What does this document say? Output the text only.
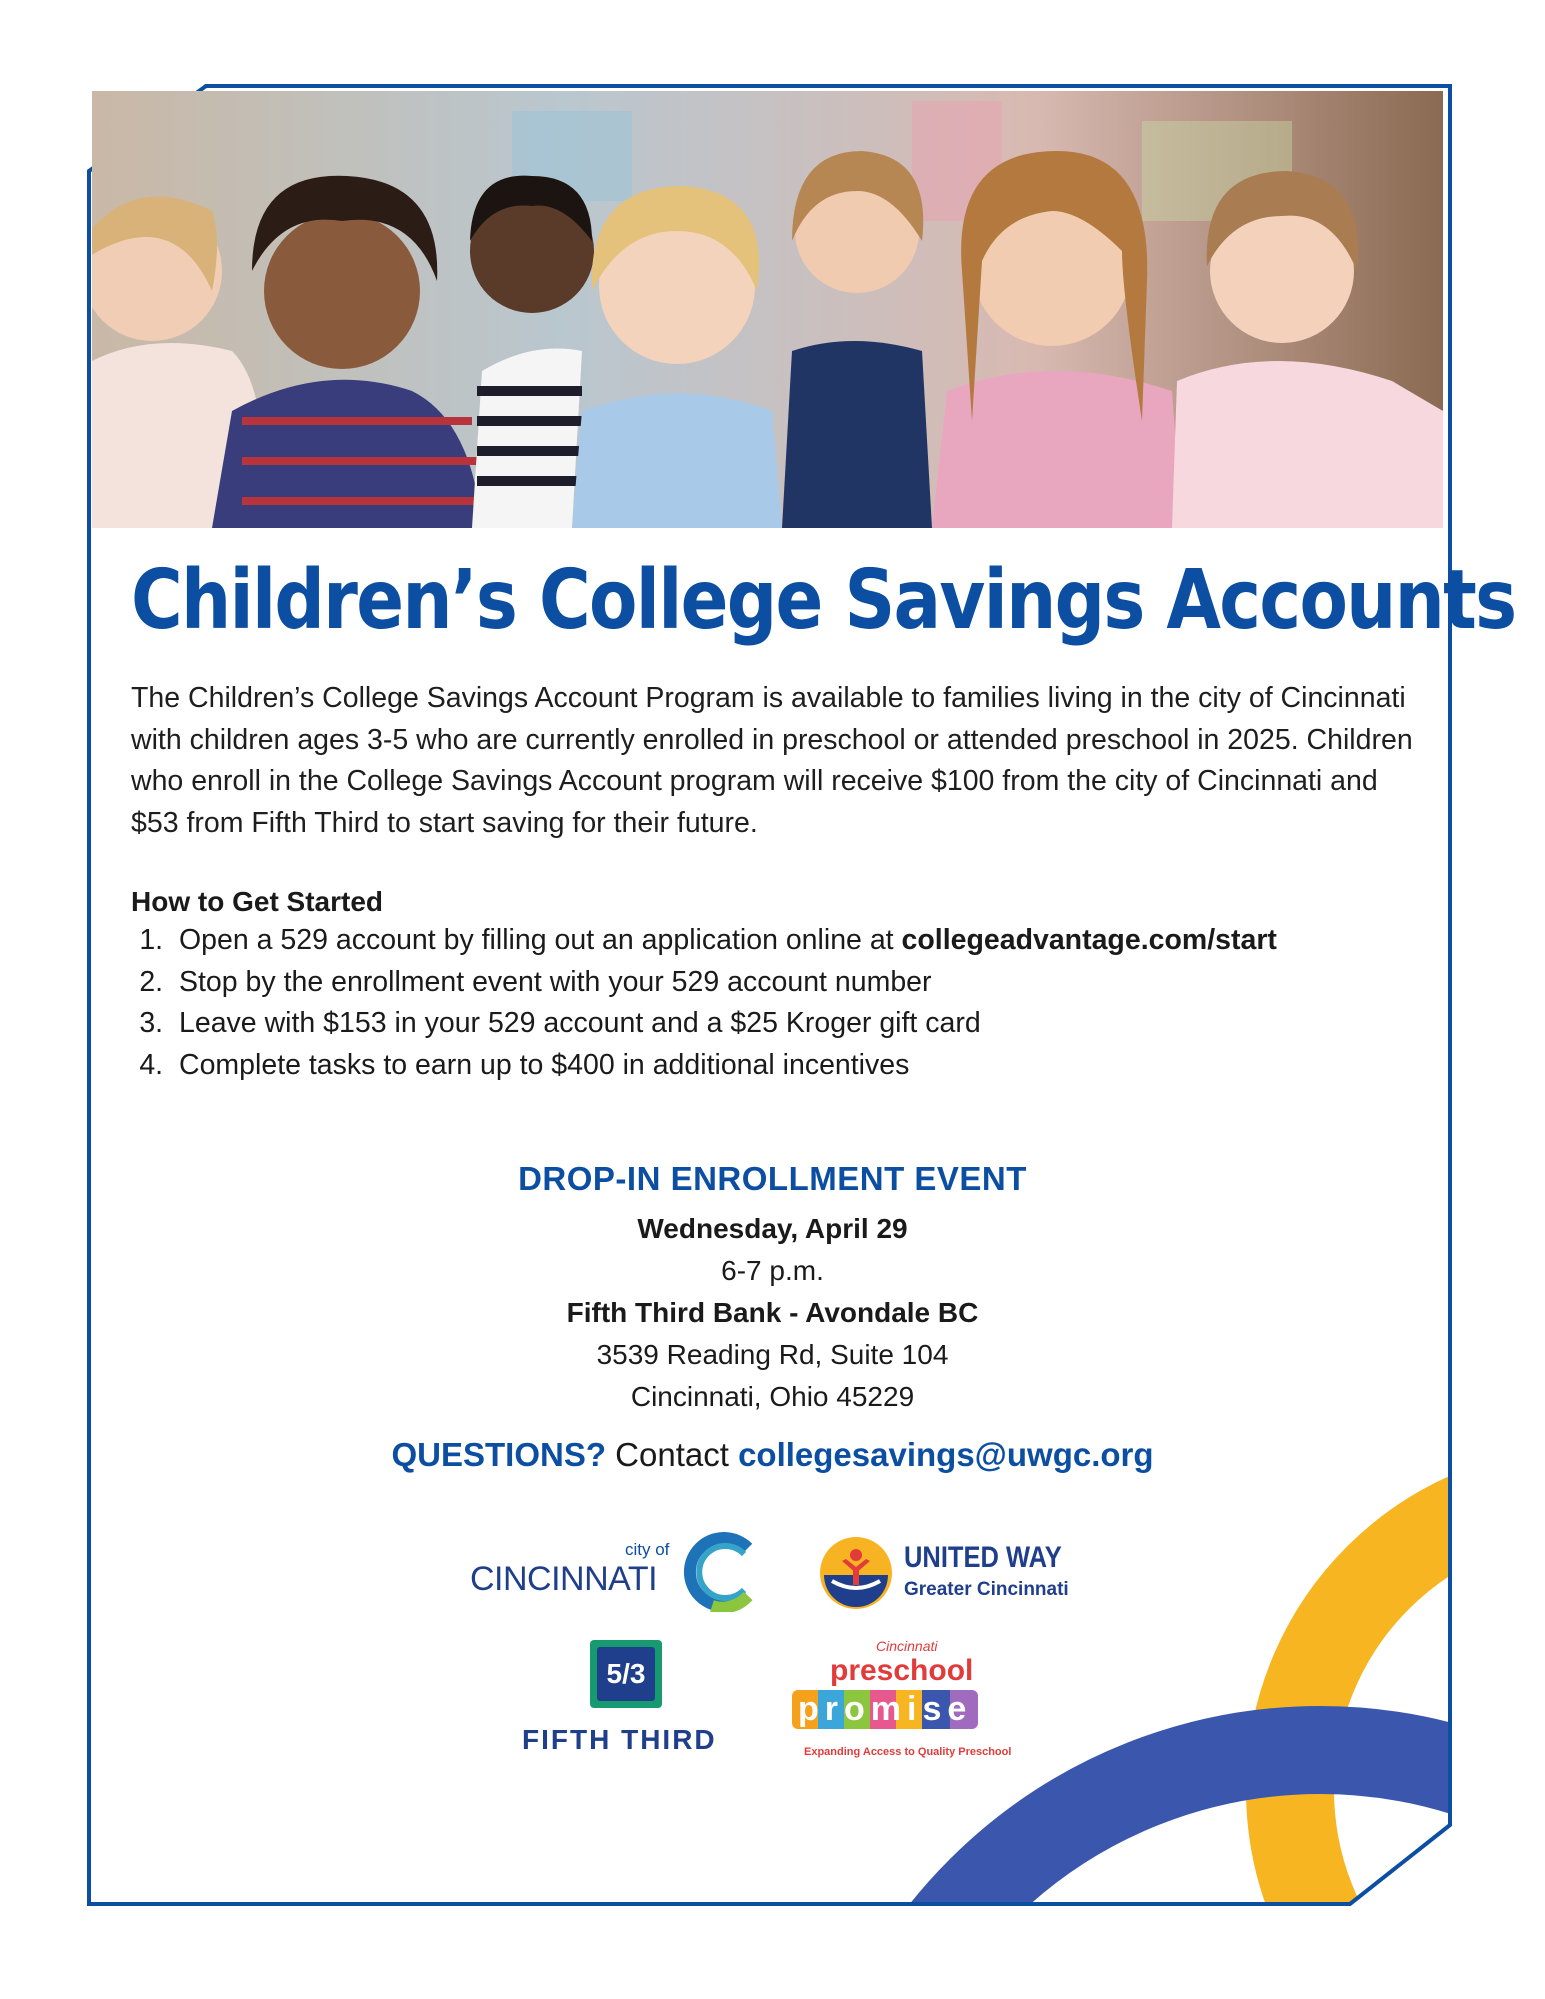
Children’s College Savings Accounts

The Children’s College Savings Account Program is available to families living in the city of Cincinnati with children ages 3-5 who are currently enrolled in preschool or attended preschool in 2025. Children who enroll in the College Savings Account program will receive $100 from the city of Cincinnati and $53 from Fifth Third to start saving for their future.

How to Get Started
1. Open a 529 account by filling out an application online at collegeadvantage.com/start
2. Stop by the enrollment event with your 529 account number
3. Leave with $153 in your 529 account and a $25 Kroger gift card
4. Complete tasks to earn up to $400 in additional incentives
DROP-IN ENROLLMENT EVENT
Wednesday, April 29
6-7 p.m.
Fifth Third Bank - Avondale BC
3539 Reading Rd, Suite 104
Cincinnati, Ohio 45229
QUESTIONS? Contact collegesavings@uwgc.org
city of
CINCINNATI
UNITED WAY
Greater Cincinnati
5/3
FIFTH THIRD
Cincinnati
preschool
promise
Expanding Access to Quality Preschool
